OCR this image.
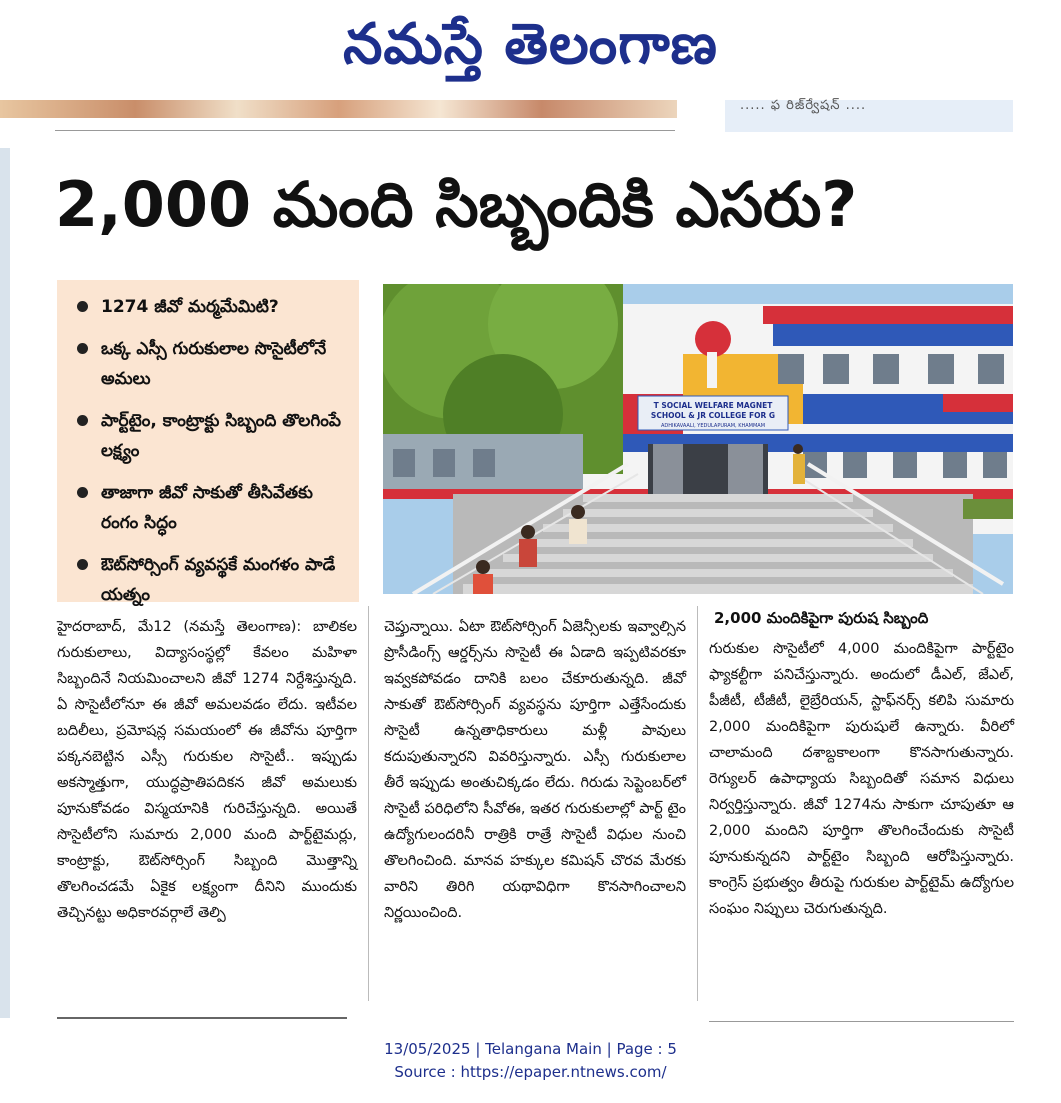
నమస్తే తెలంగాణ
..... ఫ రిజ్‌ర్వేషన్ ....
2,000 మంది సిబ్బందికి ఎసరు?
1274 జీవో మర్మమేమిటి?
ఒక్క ఎస్సీ గురుకులాల సొసైటీలోనే అమలు
పార్ట్‌టైం, కాంట్రాక్టు సిబ్బంది తొలగింపే లక్ష్యం
తాజాగా జీవో సాకుతో తీసివేతకు రంగం సిద్ధం
ఔట్‌సోర్సింగ్ వ్యవస్థకే మంగళం పాడే యత్నం
T SOCIAL WELFARE MAGNET
SCHOOL & JR COLLEGE FOR G
ADHIKAVAALI, YEDULAPURAM, KHAMMAM
హైదరాబాద్, మే12 (నమస్తే తెలంగాణ): బాలికల గురుకులాలు, విద్యాసంస్థల్లో కేవలం మహిళా సిబ్బందినే నియమించాలని జీవో 1274 నిర్దేశిస్తున్నది. ఏ సొసైటీలోనూ ఈ జీవో అమలవడం లేదు. ఇటీవల బదిలీలు, ప్రమోషన్ల సమయంలో ఈ జీవోను పూర్తిగా పక్కనబెట్టిన ఎస్సీ గురుకుల సొసైటీ.. ఇప్పుడు అకస్మాత్తుగా, యుద్ధప్రాతిపదికన జీవో అమలుకు పూనుకోవడం విస్మయానికి గురిచేస్తున్నది. అయితే సొసైటీలోని సుమారు 2,000 మంది పార్ట్‌టైమర్లు, కాంట్రాక్టు, ఔట్‌సోర్సింగ్ సిబ్బంది మొత్తాన్ని తొలగించడమే ఏకైక లక్ష్యంగా దీనిని ముందుకు తెచ్చినట్టు అధికారవర్గాలే తెల్పి
చెప్తున్నాయి. ఏటా ఔట్‌సోర్సింగ్ ఏజెన్సీలకు ఇవ్వాల్సిన ప్రొసీడింగ్స్ ఆర్డర్స్‌ను సొసైటీ ఈ ఏడాది ఇప్పటివరకూ ఇవ్వకపోవడం దానికి బలం చేకూరుతున్నది. జీవో సాకుతో ఔట్‌సోర్సింగ్ వ్యవస్థను పూర్తిగా ఎత్తేసేందుకు సొసైటీ ఉన్నతాధికారులు మళ్లీ పావులు కదుపుతున్నారని వివరిస్తున్నారు. ఎస్సీ గురుకులాల తీరే ఇప్పుడు అంతుచిక్కడం లేదు. గిరుడు సెప్టెంబర్‌లో సొసైటీ పరిధిలోని సీవోఈ, ఇతర గురుకులాల్లో పార్ట్ టైం ఉద్యోగులందరినీ రాత్రికి రాత్రే సొసైటీ విధుల నుంచి తొలగించింది. మానవ హక్కుల కమిషన్ చొరవ మేరకు వారిని తిరిగి యథావిధిగా కొనసాగించాలని నిర్ణయించింది.
2,000 మందికిపైగా పురుష సిబ్బంది
గురుకుల సొసైటీలో 4,000 మందికిపైగా పార్ట్‌టైం ఫ్యాకల్టీగా పనిచేస్తున్నారు. అందులో డీఎల్, జేఎల్, పీజీటీ, టీజీటీ, లైబ్రేరియన్, స్టాఫ్‌నర్స్ కలిపి సుమారు 2,000 మందికిపైగా పురుషులే ఉన్నారు. వీరిలో చాలామంది దశాబ్దకాలంగా కొనసాగుతున్నారు. రెగ్యులర్ ఉపాధ్యాయ సిబ్బందితో సమాన విధులు నిర్వర్తిస్తున్నారు. జీవో 1274ను సాకుగా చూపుతూ ఆ 2,000 మందిని పూర్తిగా తొలగించేందుకు సొసైటీ పూనుకున్నదని పార్ట్‌టైం సిబ్బంది ఆరోపిస్తున్నారు. కాంగ్రెస్ ప్రభుత్వం తీరుపై గురుకుల పార్ట్‌టైమ్ ఉద్యోగుల సంఘం నిప్పులు చెరుగుతున్నది.
13/05/2025 | Telangana Main | Page : 5
Source : https://epaper.ntnews.com/
